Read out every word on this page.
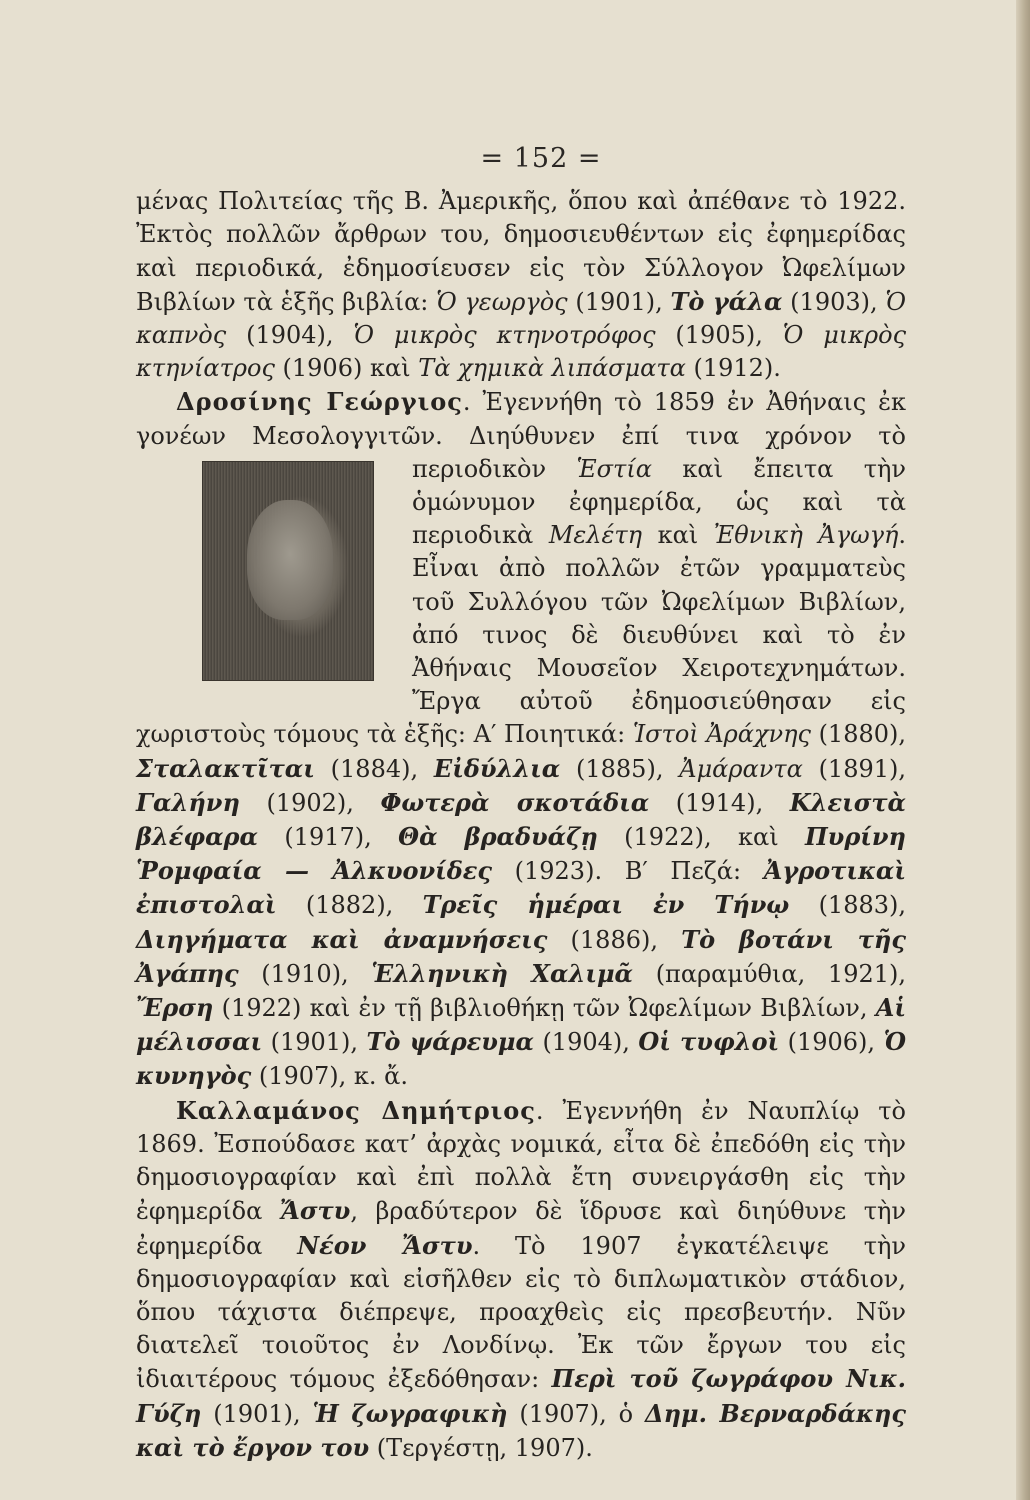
= 152 =

μένας Πολιτείας τῆς Β. Ἀμερικῆς, ὅπου καὶ ἀπέθανε τὸ 1922. Ἐκτὸς πολλῶν ἄρθρων του, δημοσιευθέντων εἰς ἐφημερίδας καὶ περιοδικά, ἐδημοσίευσεν εἰς τὸν Σύλλογον Ὠφελίμων Βιβλίων τὰ ἑξῆς βιβλία: Ὁ γεωργὸς (1901), Τὸ γάλα (1903), Ὁ καπνὸς (1904), Ὁ μικρὸς κτηνοτρόφος (1905), Ὁ μικρὸς κτηνίατρος (1906) καὶ Τὰ χημικὰ λιπάσματα (1912).

Δροσίνης Γεώργιος. Ἐγεννήθη τὸ 1859 ἐν Ἀθήναις ἐκ γονέων Μεσολογγιτῶν. Διηύθυνεν ἐπί τινα χρόνον τὸ περιοδικὸν
Ἑστία καὶ ἔπειτα τὴν ὁμώνυμον ἐφημερίδα, ὡς καὶ τὰ περιοδικὰ Μελέτη καὶ Ἐθνικὴ Ἀγωγή. Εἶναι ἀπὸ πολλῶν ἐτῶν γραμματεὺς τοῦ Συλλόγου τῶν Ὠφελίμων Βιβλίων, ἀπό τινος δὲ διευθύνει καὶ τὸ ἐν Ἀθήναις Μουσεῖον Χειροτεχνημάτων. Ἔργα αὐτοῦ ἐδημοσιεύθησαν εἰς χωριστοὺς τόμους τὰ ἑξῆς: Α′ Ποιητικά: Ἱστοὶ Ἀράχνης (1880), Σταλακτῖται (1884), Εἰδύλλια (1885), Ἀμάραντα (1891), Γαλήνη (1902), Φωτερὰ σκοτάδια (1914), Κλειστὰ βλέφαρα (1917), Θὰ βραδυάζῃ (1922), καὶ Πυρίνη Ῥομφαία — Ἀλκυονίδες (1923). Β′ Πεζά: Ἀγροτικαὶ ἐπιστολαὶ (1882), Τρεῖς ἡμέραι ἐν Τήνῳ (1883), Διηγήματα καὶ ἀναμνήσεις (1886), Τὸ βοτάνι τῆς Ἀγάπης (1910), Ἑλληνικὴ Χαλιμᾶ (παραμύθια, 1921), Ἔρση (1922) καὶ ἐν τῇ βιβλιοθήκῃ τῶν Ὠφελίμων Βιβλίων, Αἱ μέλισσαι (1901), Τὸ ψάρευμα (1904), Οἱ τυφλοὶ (1906), Ὁ κυνηγὸς (1907), κ. ἄ.

Καλλαμάνος Δημήτριος. Ἐγεννήθη ἐν Ναυπλίῳ τὸ 1869. Ἐσπούδασε κατ’ ἀρχὰς νομικά, εἶτα δὲ ἐπεδόθη εἰς τὴν δημοσιογραφίαν καὶ ἐπὶ πολλὰ ἔτη συνειργάσθη εἰς τὴν ἐφημερίδα Ἄστυ, βραδύτερον δὲ ἵδρυσε καὶ διηύθυνε τὴν ἐφημερίδα Νέον Ἄστυ. Τὸ 1907 ἐγκατέλειψε τὴν δημοσιογραφίαν καὶ εἰσῆλθεν εἰς τὸ διπλωματικὸν στάδιον, ὅπου τάχιστα διέπρεψε, προαχθεὶς εἰς πρεσβευτήν. Νῦν διατελεῖ τοιοῦτος ἐν Λονδίνῳ. Ἐκ τῶν ἔργων του εἰς ἰδιαιτέρους τόμους ἐξεδόθησαν: Περὶ τοῦ ζωγράφου Νικ. Γύζη (1901), Ἡ ζωγραφικὴ (1907), ὁ Δημ. Βερναρδάκης καὶ τὸ ἔργον του (Τεργέστῃ, 1907).
